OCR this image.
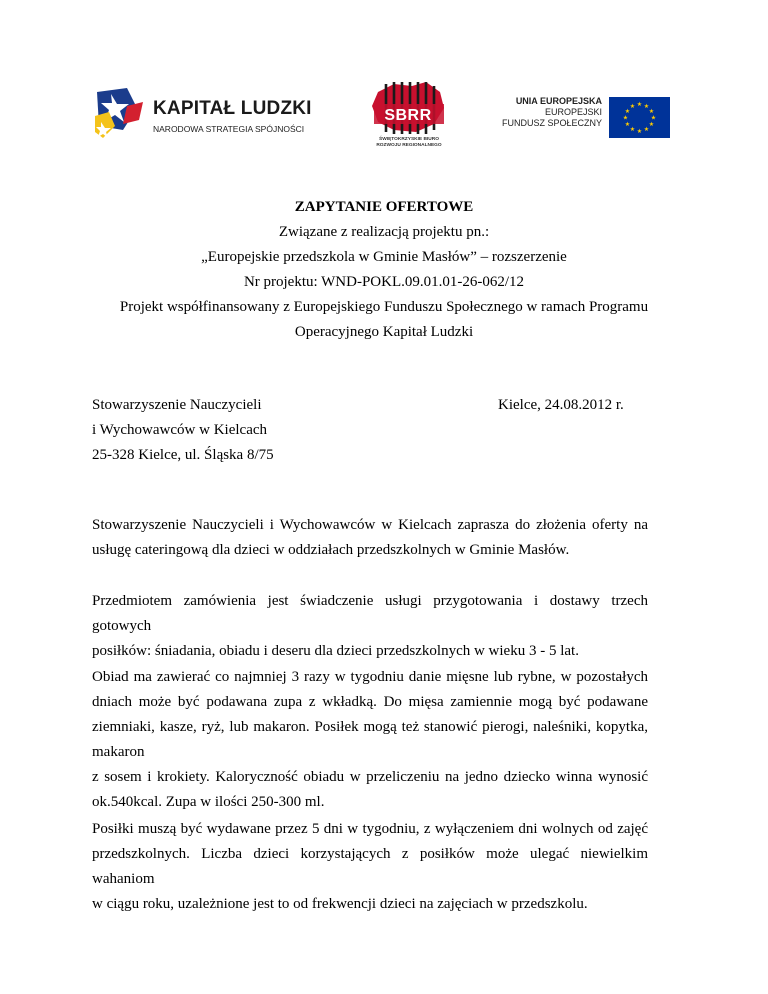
KAPITAŁ LUDZKI
NARODOWA STRATEGIA SPÓJNOŚCI
SBRR
ŚWIĘTOKRZYSKIE BIURO
ROZWOJU REGIONALNEGO
UNIA EUROPEJSKA
EUROPEJSKI
FUNDUSZ SPOŁECZNY
★ ★
★
★
★
★
★
★
★
★
★
★
ZAPYTANIE OFERTOWE
Związane z realizacją projektu pn.:
„Europejskie przedszkola w Gminie Masłów” – rozszerzenie
Nr projektu: WND-POKL.09.01.01-26-062/12
Projekt współfinansowany z Europejskiego Funduszu Społecznego w ramach Programu
Operacyjnego Kapitał Ludzki
Stowarzyszenie Nauczycieli
i Wychowawców w Kielcach
25-328 Kielce, ul. Śląska 8/75
Kielce, 24.08.2012 r.

Stowarzyszenie Nauczycieli i Wychowawców w Kielcach zaprasza do złożenia oferty na
usługę cateringową dla dzieci w oddziałach przedszkolnych w Gminie Masłów.

Przedmiotem zamówienia jest świadczenie usługi przygotowania i dostawy trzech gotowych
posiłków: śniadania, obiadu i deseru dla dzieci przedszkolnych w wieku 3 - 5 lat.

Obiad ma zawierać co najmniej 3 razy w tygodniu danie mięsne lub rybne, w pozostałych
dniach może być podawana zupa z wkładką. Do mięsa zamiennie mogą być podawane
ziemniaki, kasze, ryż, lub makaron. Posiłek mogą też stanowić pierogi, naleśniki, kopytka,
makaron
z sosem i krokiety. Kaloryczność obiadu w przeliczeniu na jedno dziecko winna wynosić
ok.540kcal. Zupa w ilości 250-300 ml.

Posiłki muszą być wydawane przez 5 dni w tygodniu, z wyłączeniem dni wolnych od zajęć
przedszkolnych. Liczba dzieci korzystających z posiłków może ulegać niewielkim wahaniom
w ciągu roku, uzależnione jest to od frekwencji dzieci na zajęciach w przedszkolu.
